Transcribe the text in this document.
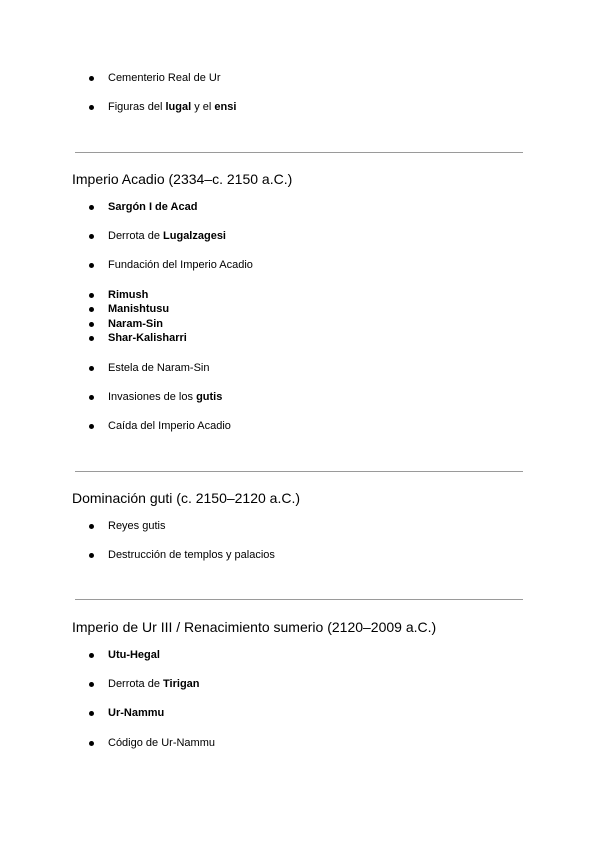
Cementerio Real de Ur
Figuras del lugal y el ensi
Imperio Acadio (2334–c. 2150 a.C.)
Sargón I de Acad
Derrota de Lugalzagesi
Fundación del Imperio Acadio
Rimush
Manishtusu
Naram-Sin
Shar-Kalisharri
Estela de Naram-Sin
Invasiones de los gutis
Caída del Imperio Acadio
Dominación guti (c. 2150–2120 a.C.)
Reyes gutis
Destrucción de templos y palacios
Imperio de Ur III / Renacimiento sumerio (2120–2009 a.C.)
Utu-Hegal
Derrota de Tirigan
Ur-Nammu
Código de Ur-Nammu
